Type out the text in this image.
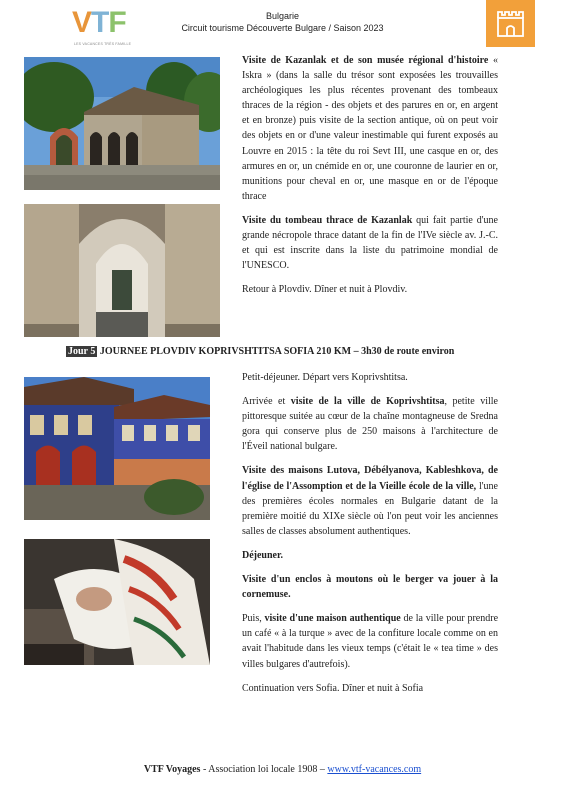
VTF
LES VACANCES TRÈS FAMILLE
Bulgarie
Circuit tourisme Découverte Bulgare / Saison 2023

Visite de Kazanlak et de son musée régional d'histoire « Iskra » (dans la salle du trésor sont exposées les trouvailles archéologiques les plus récentes provenant des tombeaux thraces de la région - des objets et des parures en or, en argent et en bronze) puis visite de la section antique, où on peut voir des objets en or d'une valeur inestimable qui furent exposés au Louvre en 2015 : la tête du roi Sevt III, une casque en or, des armures en or, un cnémide en or, une couronne de laurier en or, munitions pour cheval en or, une masque en or de l'époque thrace

Visite du tombeau thrace de Kazanlak qui fait partie d'une grande nécropole thrace datant de la fin de l'IVe siècle av. J.-C. et qui est inscrite dans la liste du patrimoine mondial de l'UNESCO.

Retour à Plovdiv. Dîner et nuit à Plovdiv.

Jour 5 JOURNEE PLOVDIV KOPRIVSHTITSA SOFIA 210 KM – 3h30 de route environ

Petit-déjeuner. Départ vers Koprivshtitsa.

Arrivée et visite de la ville de Koprivshtitsa, petite ville pittoresque suitée au cœur de la chaîne montagneuse de Sredna gora qui conserve plus de 250 maisons à l'architecture de l'Éveil national bulgare.

Visite des maisons Lutova, Débélyanova, Kableshkova, de l'église de l'Assomption et de la Vieille école de la ville, l'une des premières écoles normales en Bulgarie datant de la première moitié du XIXe siècle où l'on peut voir les anciennes salles de classes absolument authentiques.

Déjeuner.

Visite d'un enclos à moutons où le berger va jouer à la cornemuse.

Puis, visite d'une maison authentique de la ville pour prendre un café « à la turque » avec de la confiture locale comme on en avait l'habitude dans les vieux temps (c'était le « tea time » des villes bulgares d'autrefois).

Continuation vers Sofia. Dîner et nuit à Sofia

VTF Voyages - Association loi locale 1908 – www.vtf-vacances.com
